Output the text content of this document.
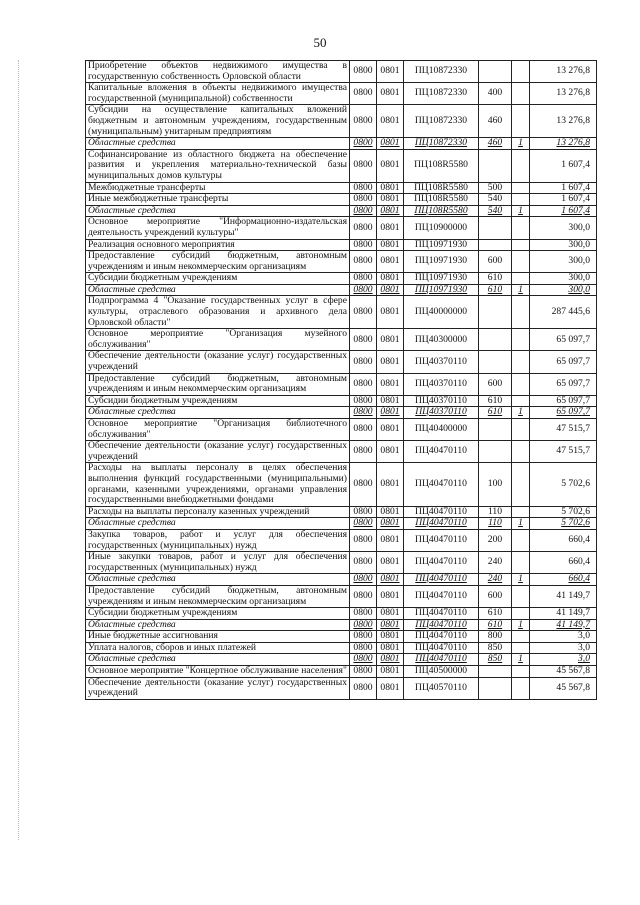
50
Приобретение объектов недвижимого имущества в государственную собственность Орловской области	0800	0801	ПЦ10872330			13 276,8
Капитальные вложения в объекты недвижимого имущества государственной (муниципальной) собственности	0800	0801	ПЦ10872330	400		13 276,8
Субсидии на осуществление капитальных вложений бюджетным и автономным учреждениям, государственным (муниципальным) унитарным предприятиям	0800	0801	ПЦ10872330	460		13 276,8
Областные средства	0800	0801	ПЦ10872330	460	1	13 276,8
Софинансирование из областного бюджета на обеспечение развития и укрепления материально-технической базы муниципальных домов культуры	0800	0801	ПЦ108R5580			1 607,4
Межбюджетные трансферты	0800	0801	ПЦ108R5580	500		1 607,4
Иные межбюджетные трансферты	0800	0801	ПЦ108R5580	540		1 607,4
Областные средства	0800	0801	ПЦ108R5580	540	1	1 607,4
Основное мероприятие "Информационно-издательская деятельность учреждений культуры"	0800	0801	ПЦ10900000			300,0
Реализация основного мероприятия	0800	0801	ПЦ10971930			300,0
Предоставление субсидий бюджетным, автономным учреждениям и иным некоммерческим организациям	0800	0801	ПЦ10971930	600		300,0
Субсидии бюджетным учреждениям	0800	0801	ПЦ10971930	610		300,0
Областные средства	0800	0801	ПЦ10971930	610	1	300,0
Подпрограмма 4 "Оказание государственных услуг в сфере культуры, отраслевого образования и архивного дела Орловской области"	0800	0801	ПЦ40000000			287 445,6
Основное мероприятие "Организация музейного обслуживания"	0800	0801	ПЦ40300000			65 097,7
Обеспечение деятельности (оказание услуг) государственных учреждений	0800	0801	ПЦ40370110			65 097,7
Предоставление субсидий бюджетным, автономным учреждениям и иным некоммерческим организациям	0800	0801	ПЦ40370110	600		65 097,7
Субсидии бюджетным учреждениям	0800	0801	ПЦ40370110	610		65 097,7
Областные средства	0800	0801	ПЦ40370110	610	1	65 097,7
Основное мероприятие "Организация библиотечного обслуживания"	0800	0801	ПЦ40400000			47 515,7
Обеспечение деятельности (оказание услуг) государственных учреждений	0800	0801	ПЦ40470110			47 515,7
Расходы на выплаты персоналу в целях обеспечения выполнения функций государственными (муниципальными) органами, казенными учреждениями, органами управления государственными внебюджетными фондами	0800	0801	ПЦ40470110	100		5 702,6
Расходы на выплаты персоналу казенных учреждений	0800	0801	ПЦ40470110	110		5 702,6
Областные средства	0800	0801	ПЦ40470110	110	1	5 702,6
Закупка товаров, работ и услуг для обеспечения государственных (муниципальных) нужд	0800	0801	ПЦ40470110	200		660,4
Иные закупки товаров, работ и услуг для обеспечения государственных (муниципальных) нужд	0800	0801	ПЦ40470110	240		660,4
Областные средства	0800	0801	ПЦ40470110	240	1	660,4
Предоставление субсидий бюджетным, автономным учреждениям и иным некоммерческим организациям	0800	0801	ПЦ40470110	600		41 149,7
Субсидии бюджетным учреждениям	0800	0801	ПЦ40470110	610		41 149,7
Областные средства	0800	0801	ПЦ40470110	610	1	41 149,7
Иные бюджетные ассигнования	0800	0801	ПЦ40470110	800		3,0
Уплата налогов, сборов и иных платежей	0800	0801	ПЦ40470110	850		3,0
Областные средства	0800	0801	ПЦ40470110	850	1	3,0
Основное мероприятие "Концертное обслуживание населения"	0800	0801	ПЦ40500000			45 567,8
Обеспечение деятельности (оказание услуг) государственных учреждений	0800	0801	ПЦ40570110			45 567,8
